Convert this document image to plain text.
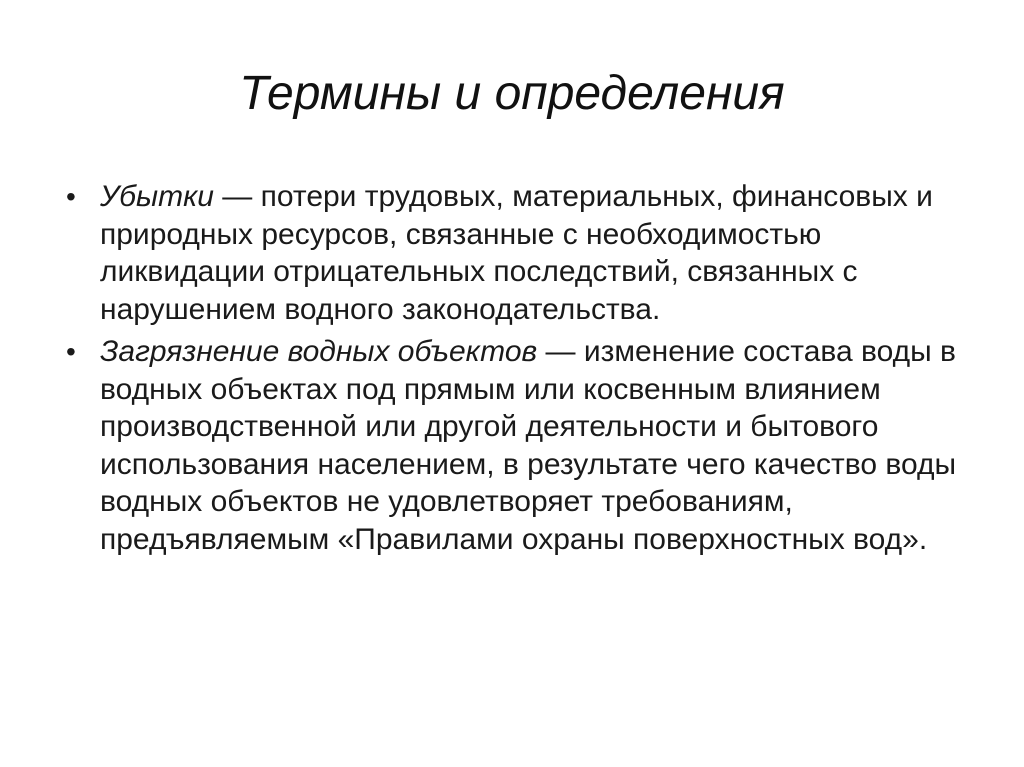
Термины и определения
• Убытки — потери трудовых, материальных, финансовых и природных ресурсов, связанные с необходимостью ликвидации отрицательных последствий, связанных с нарушением водного законодательства.
• Загрязнение водных объектов — изменение состава воды в водных объектах под прямым или косвенным влиянием производственной или другой деятельности и бытового использования населением, в результате чего качество воды водных объектов не удовлетворяет требованиям, предъявляемым «Правилами охраны поверхностных вод».
